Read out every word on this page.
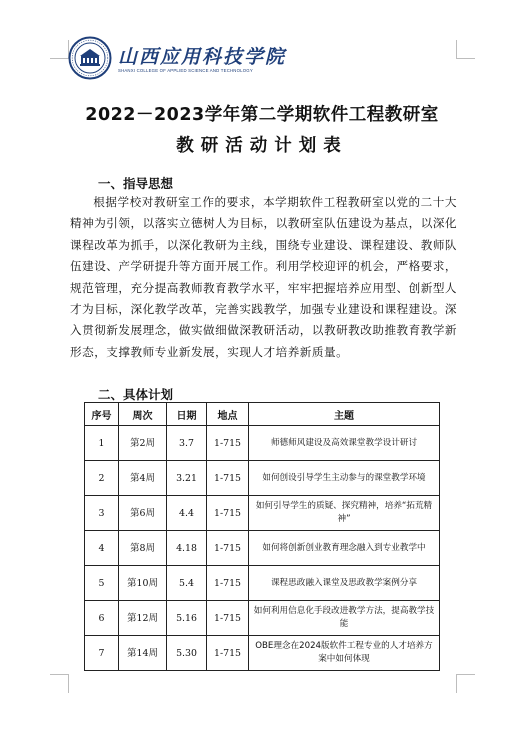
山西应用科技学院
SHANXI COLLEGE OF APPLIED SCIENCE AND TECHNOLOGY
2022－2023学年第二学期软件工程教研室
教研活动计划表
一、指导思想
根据学校对教研室工作的要求，本学期软件工程教研室以党的二十大精神为引领，以落实立德树人为目标，以教研室队伍建设为基点，以深化课程改革为抓手，以深化教研为主线，围绕专业建设、课程建设、教师队伍建设、产学研提升等方面开展工作。利用学校迎评的机会，严格要求，规范管理，充分提高教师教育教学水平，牢牢把握培养应用型、创新型人才为目标，深化教学改革，完善实践教学，加强专业建设和课程建设。深入贯彻新发展理念，做实做细做深教研活动，以教研教改助推教育教学新形态，支撑教师专业新发展，实现人才培养新质量。
二、具体计划
序号	周次	日期	地点	主题
1	第2周	3.7	1-715	师德师风建设及高效课堂教学设计研讨
2	第4周	3.21	1-715	如何创设引导学生主动参与的课堂教学环境
3	第6周	4.4	1-715	如何引导学生的质疑、探究精神，培养“拓荒精神”
4	第8周	4.18	1-715	如何将创新创业教育理念融入到专业教学中
5	第10周	5.4	1-715	课程思政融入课堂及思政教学案例分享
6	第12周	5.16	1-715	如何利用信息化手段改进教学方法，提高教学技能
7	第14周	5.30	1-715	OBE理念在2024版软件工程专业的人才培养方案中如何体现
